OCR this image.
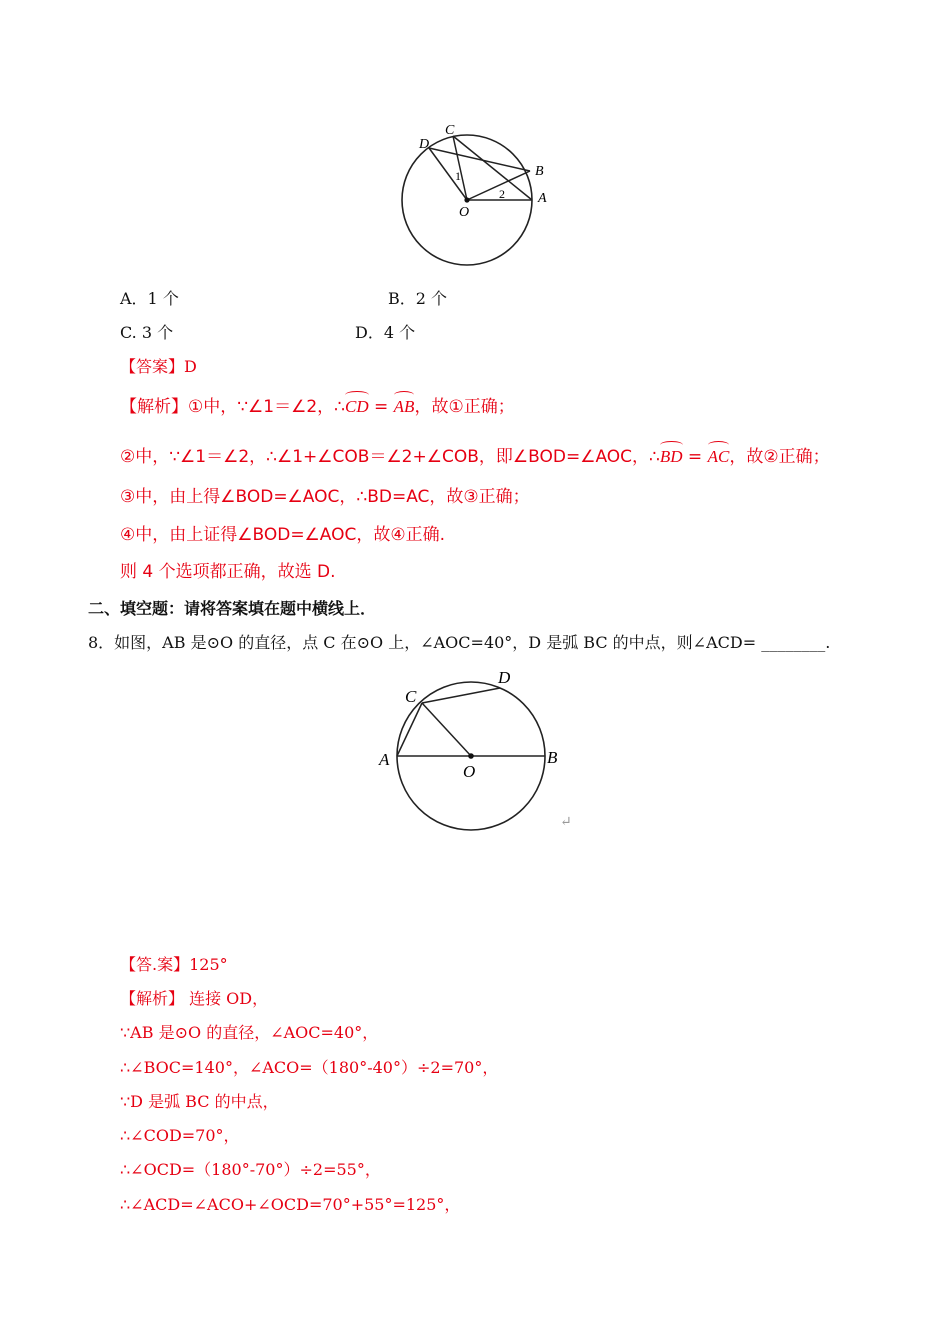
D
C
B
A
O
1
2
A．1 个	B．2 个
C. 3 个	D．4 个
【答案】D
【解析】①中，∵∠1＝∠2，∴
CD =
AB，故①正确；
②中，∵∠1＝∠2，∴∠1+∠COB＝∠2+∠COB，即∠BOD=∠AOC，∴
BD =
AC，故②正确；
③中，由上得∠BOD=∠AOC，∴BD=AC，故③正确；
④中，由上证得∠BOD=∠AOC，故④正确.
则 4 个选项都正确，故选 D.
二、填空题：请将答案填在题中横线上．
8．如图，AB 是⊙O 的直径，点 C 在⊙O 上，∠AOC=40°，D 是弧 BC 的中点，则∠ACD= ________.
C
D
A	B
O
↵
【答.案】125°
【解析】 连接 OD，
∵AB 是⊙O 的直径，∠AOC=40°，
∴∠BOC=140°，∠ACO=（180°-40°）÷2=70°，
∵D 是弧 BC 的中点，
∴∠COD=70°，
∴∠OCD=（180°-70°）÷2=55°，
∴∠ACD=∠ACO+∠OCD=70°+55°=125°，
